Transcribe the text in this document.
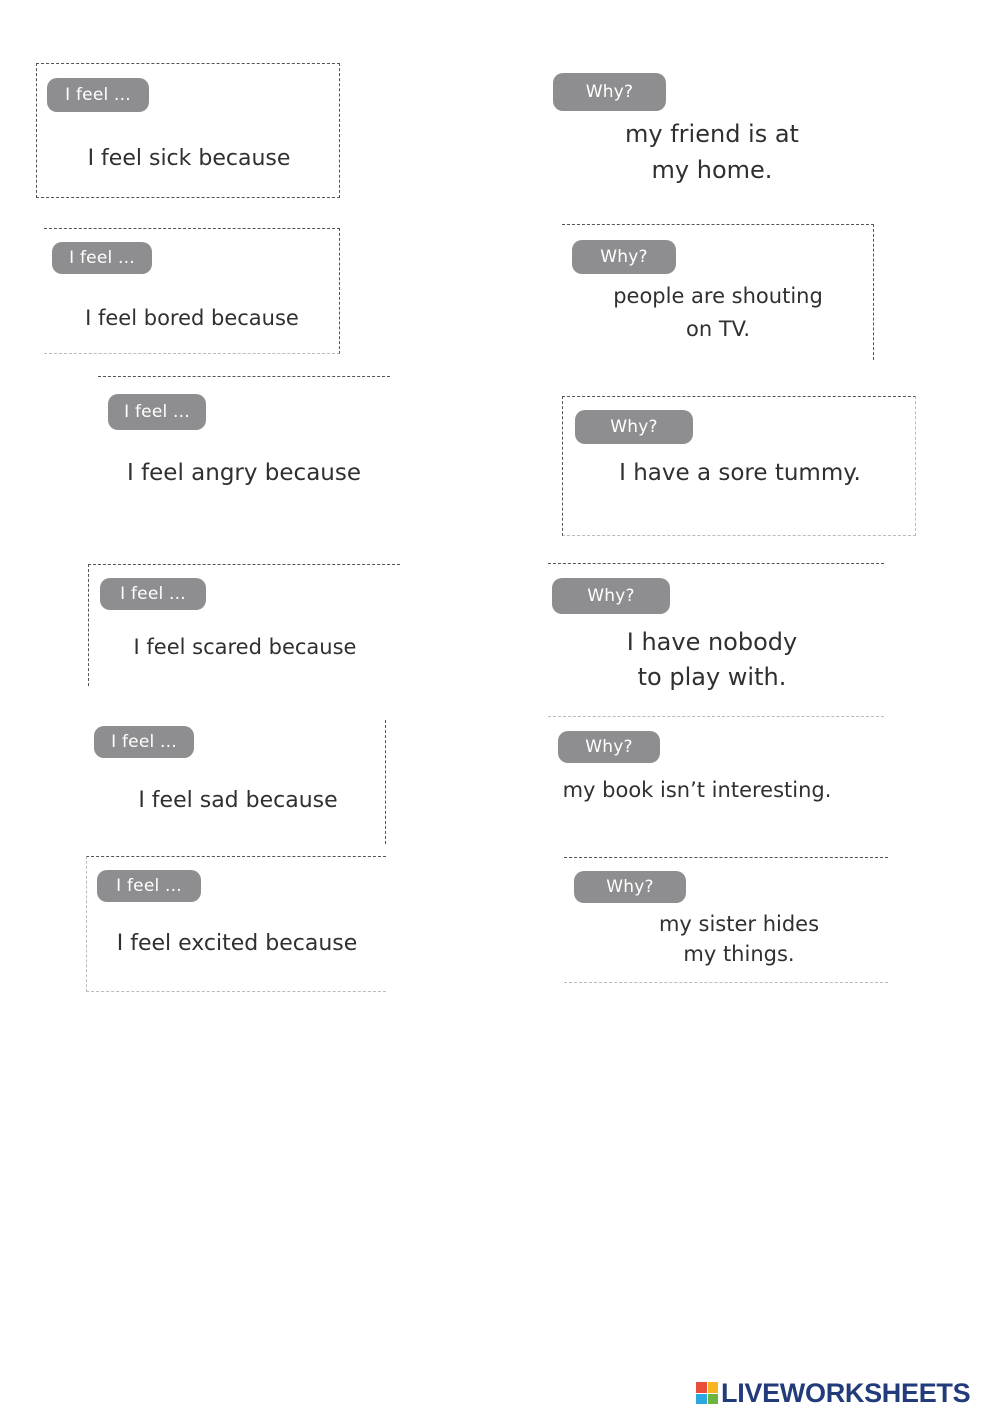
I feel ...
I feel sick because
I feel ...
I feel bored because
I feel ...
I feel angry because
I feel ...
I feel scared because
I feel ...
I feel sad because
I feel ...
I feel excited because
Why?
my friend is at
my home.
Why?
people are shouting
on TV.
Why?
I have a sore tummy.
Why?
I have nobody
to play with.
Why?
my book isn’t interesting.
Why?
my sister hides
my things.
LIVEWORKSHEETS
